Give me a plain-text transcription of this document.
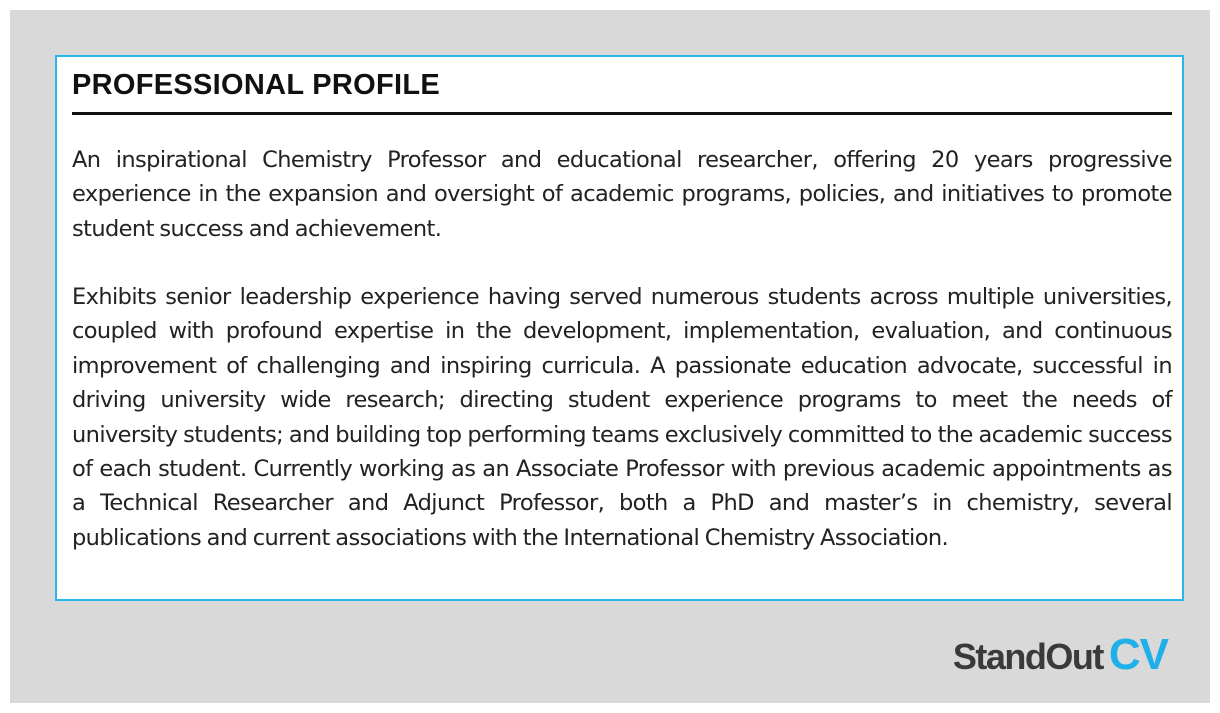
PROFESSIONAL PROFILE

An inspirational Chemistry Professor and educational researcher, offering 20 years progressive experience in the expansion and oversight of academic programs, policies, and initiatives to promote student success and achievement.

Exhibits senior leadership experience having served numerous students across multiple universities, coupled with profound expertise in the development, implementation, evaluation, and continuous improvement of challenging and inspiring curricula. A passionate education advocate, successful in driving university wide research; directing student experience programs to meet the needs of university students; and building top performing teams exclusively committed to the academic success of each student. Currently working as an Associate Professor with previous academic appointments as a Technical Researcher and Adjunct Professor, both a PhD and master’s in chemistry, several publications and current associations with the International Chemistry Association.

StandOut CV
